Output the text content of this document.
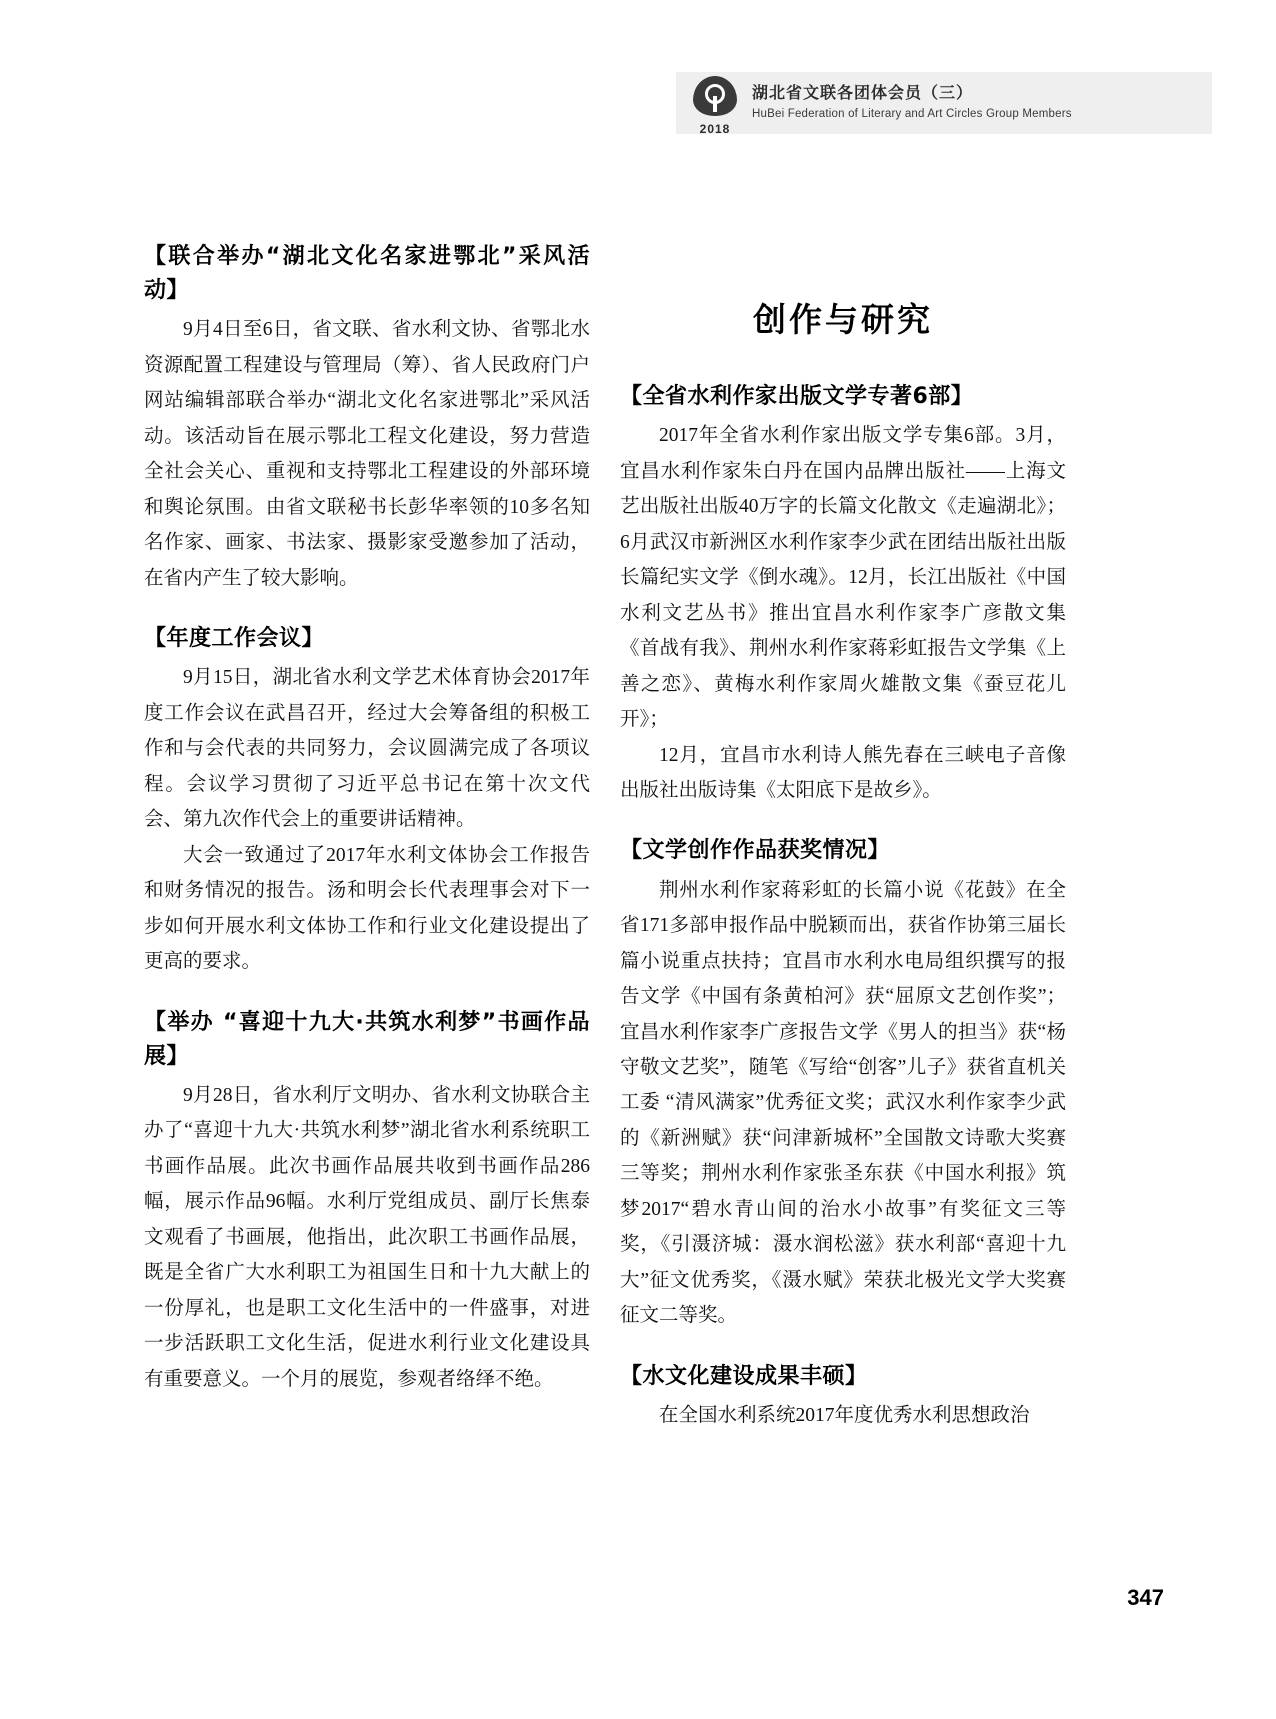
2018
湖北省文联各团体会员（三）
HuBei Federation of Literary and Art Circles Group Members
【联合举办“湖北文化名家进鄂北”采风活动】

9月4日至6日，省文联、省水利文协、省鄂北水资源配置工程建设与管理局（筹）、省人民政府门户网站编辑部联合举办“湖北文化名家进鄂北”采风活动。该活动旨在展示鄂北工程文化建设，努力营造全社会关心、重视和支持鄂北工程建设的外部环境和舆论氛围。由省文联秘书长彭华率领的10多名知名作家、画家、书法家、摄影家受邀参加了活动，在省内产生了较大影响。

【年度工作会议】

9月15日，湖北省水利文学艺术体育协会2017年度工作会议在武昌召开，经过大会筹备组的积极工作和与会代表的共同努力，会议圆满完成了各项议程。会议学习贯彻了习近平总书记在第十次文代会、第九次作代会上的重要讲话精神。

大会一致通过了2017年水利文体协会工作报告和财务情况的报告。汤和明会长代表理事会对下一步如何开展水利文体协工作和行业文化建设提出了更高的要求。

【举办 “喜迎十九大·共筑水利梦”书画作品展】

9月28日，省水利厅文明办、省水利文协联合主办了“喜迎十九大·共筑水利梦”湖北省水利系统职工书画作品展。此次书画作品展共收到书画作品286幅，展示作品96幅。水利厅党组成员、副厅长焦泰文观看了书画展，他指出，此次职工书画作品展，既是全省广大水利职工为祖国生日和十九大献上的一份厚礼，也是职工文化生活中的一件盛事，对进一步活跃职工文化生活，促进水利行业文化建设具有重要意义。一个月的展览，参观者络绎不绝。

创作与研究
【全省水利作家出版文学专著6部】

2017年全省水利作家出版文学专集6部。3月，宜昌水利作家朱白丹在国内品牌出版社——上海文艺出版社出版40万字的长篇文化散文《走遍湖北》；6月武汉市新洲区水利作家李少武在团结出版社出版长篇纪实文学《倒水魂》。12月，长江出版社《中国水利文艺丛书》推出宜昌水利作家李广彦散文集《首战有我》、荆州水利作家蒋彩虹报告文学集《上善之恋》、黄梅水利作家周火雄散文集《蚕豆花儿开》；

12月，宜昌市水利诗人熊先春在三峡电子音像出版社出版诗集《太阳底下是故乡》。

【文学创作作品获奖情况】

荆州水利作家蒋彩虹的长篇小说《花鼓》在全省171多部申报作品中脱颖而出，获省作协第三届长篇小说重点扶持；宜昌市水利水电局组织撰写的报告文学《中国有条黄柏河》获“屈原文艺创作奖”；宜昌水利作家李广彦报告文学《男人的担当》获“杨守敬文艺奖”，随笔《写给“创客”儿子》获省直机关工委 “清风满家”优秀征文奖；武汉水利作家李少武的《新洲赋》获“问津新城杯”全国散文诗歌大奖赛三等奖；荆州水利作家张圣东获《中国水利报》筑梦2017“碧水青山间的治水小故事”有奖征文三等奖，《引滠济城：滠水润松滋》获水利部“喜迎十九大”征文优秀奖，《滠水赋》荣获北极光文学大奖赛征文二等奖。

【水文化建设成果丰硕】

在全国水利系统2017年度优秀水利思想政治

347
